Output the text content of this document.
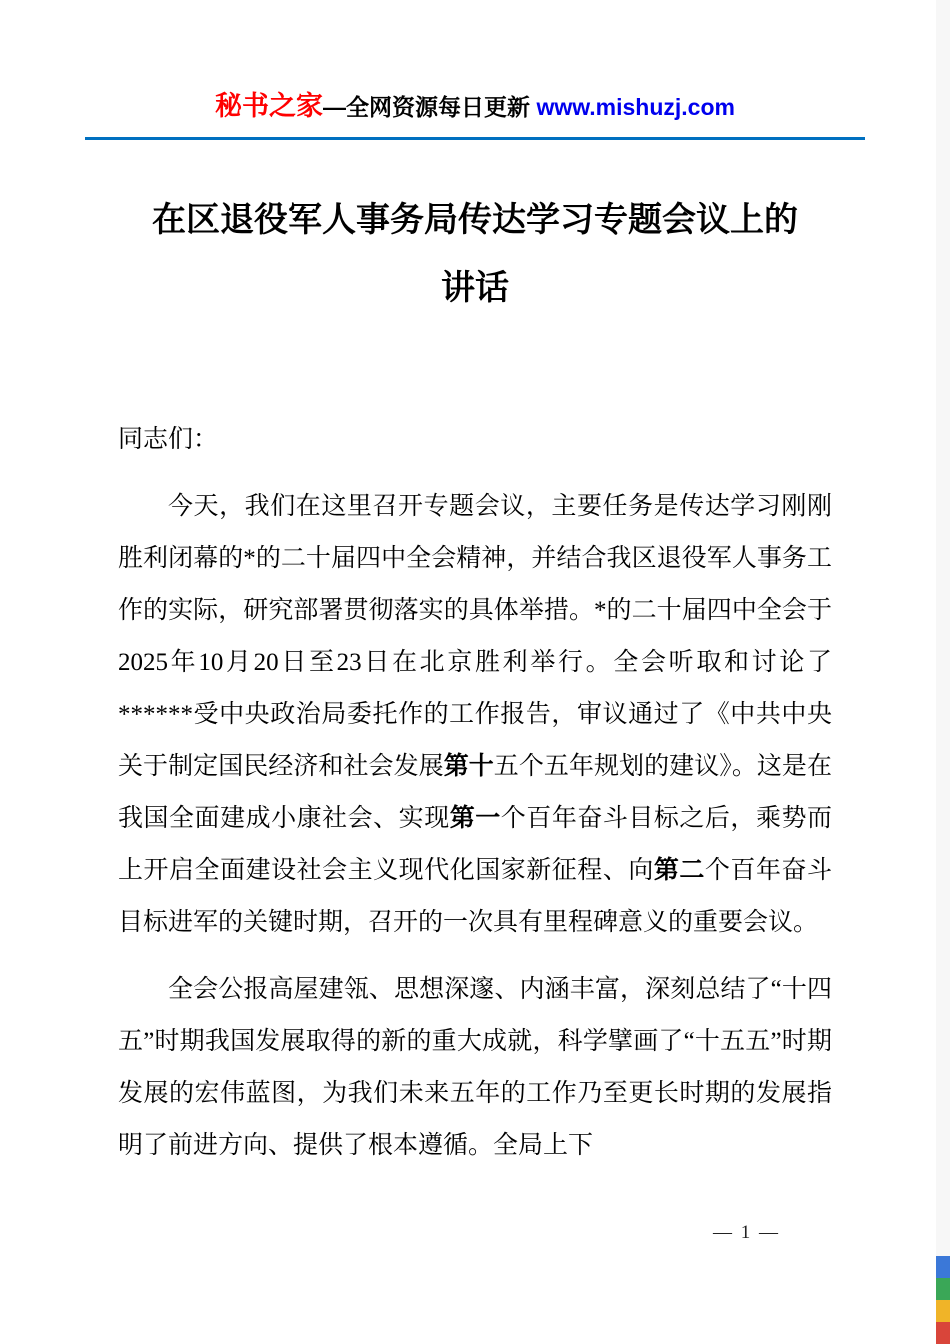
秘书之家—全网资源每日更新 www.mishuzj.com
在区退役军人事务局传达学习专题会议上的
讲话

同志们：

今天，我们在这里召开专题会议，主要任务是传达学习刚刚胜利闭幕的*的二十届四中全会精神，并结合我区退役军人事务工作的实际，研究部署贯彻落实的具体举措。*的二十届四中全会于2025年10月20日至23日在北京胜利举行。全会听取和讨论了******受中央政治局委托作的工作报告，审议通过了《中共中央关于制定国民经济和社会发展第十五个五年规划的建议》。这是在我国全面建成小康社会、实现第一个百年奋斗目标之后，乘势而上开启全面建设社会主义现代化国家新征程、向第二个百年奋斗目标进军的关键时期，召开的一次具有里程碑意义的重要会议。

全会公报高屋建瓴、思想深邃、内涵丰富，深刻总结了“十四五”时期我国发展取得的新的重大成就，科学擘画了“十五五”时期发展的宏伟蓝图，为我们未来五年的工作乃至更长时期的发展指明了前进方向、提供了根本遵循。全局上下

— 1 —
